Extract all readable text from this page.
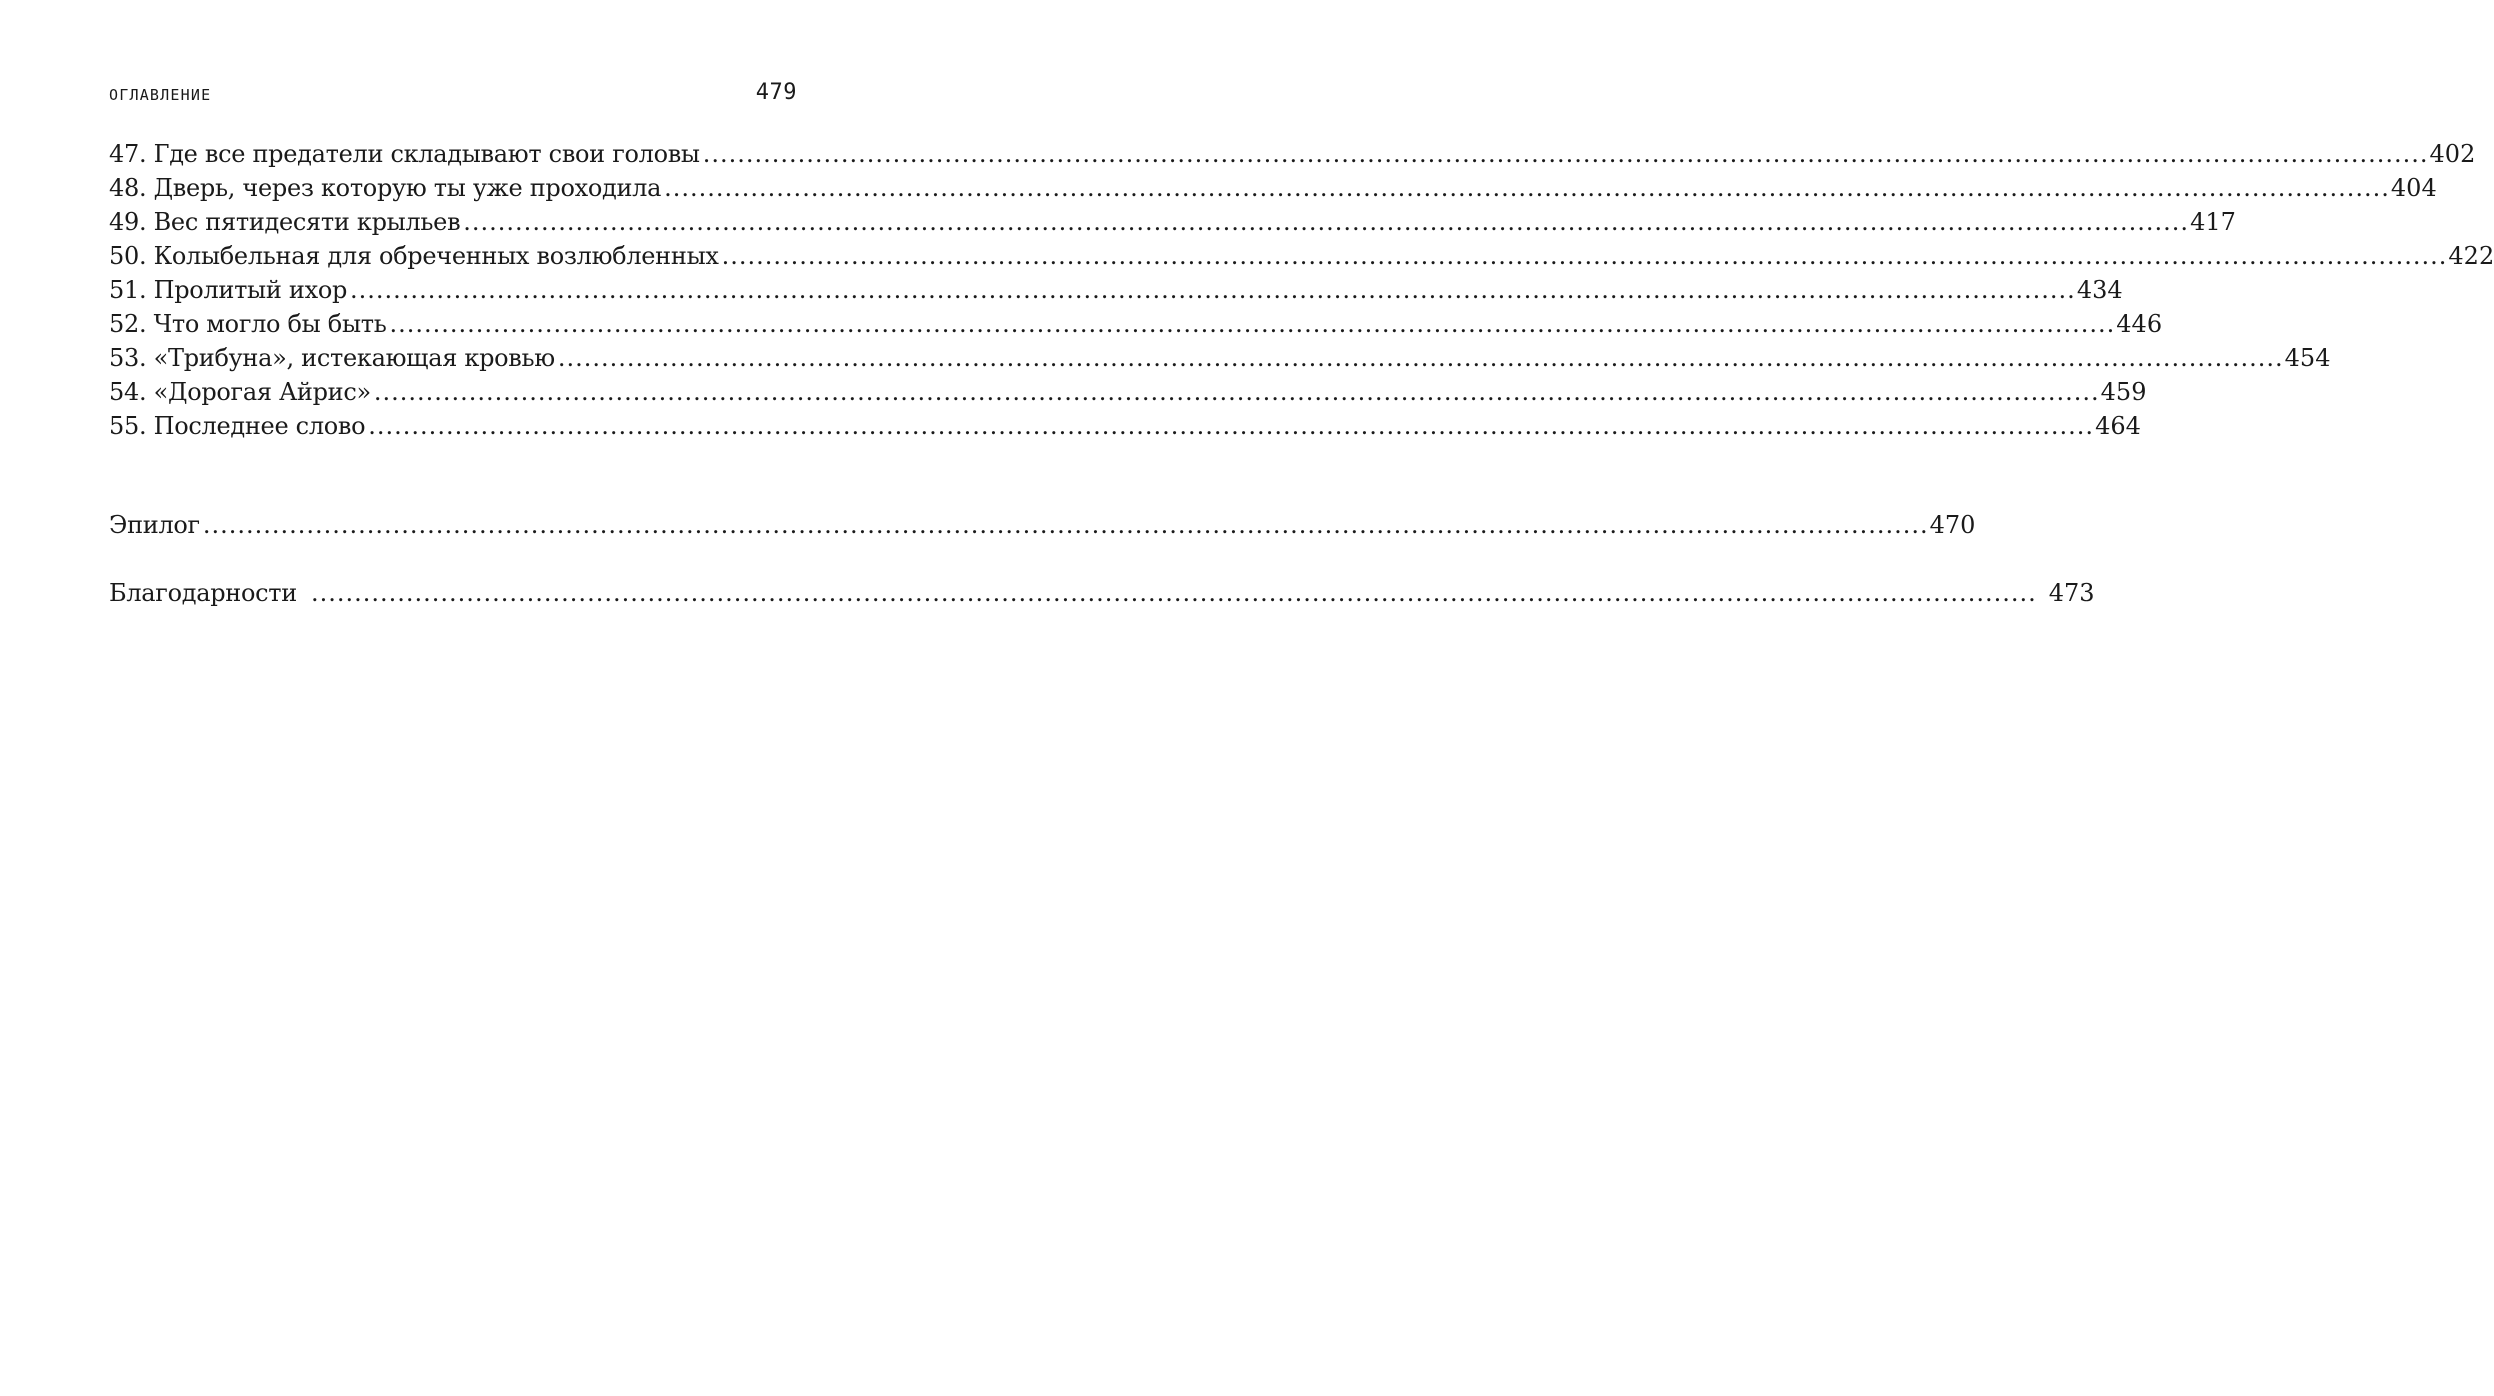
ОГЛАВЛЕНИЕ	479
47. Где все предатели складывают свои головы .....	402
48. Дверь, через которую ты уже проходила .....	404
49. Вес пятидесяти крыльев .....	417
50. Колыбельная для обреченных возлюбленных .....	422
51. Пролитый ихор .....	434
52. Что могло бы быть .....	446
53. «Трибуна», истекающая кровью .....	454
54. «Дорогая Айрис» .....	459
55. Последнее слово .....	464
Эпилог .....	470
Благодарности .....	473
